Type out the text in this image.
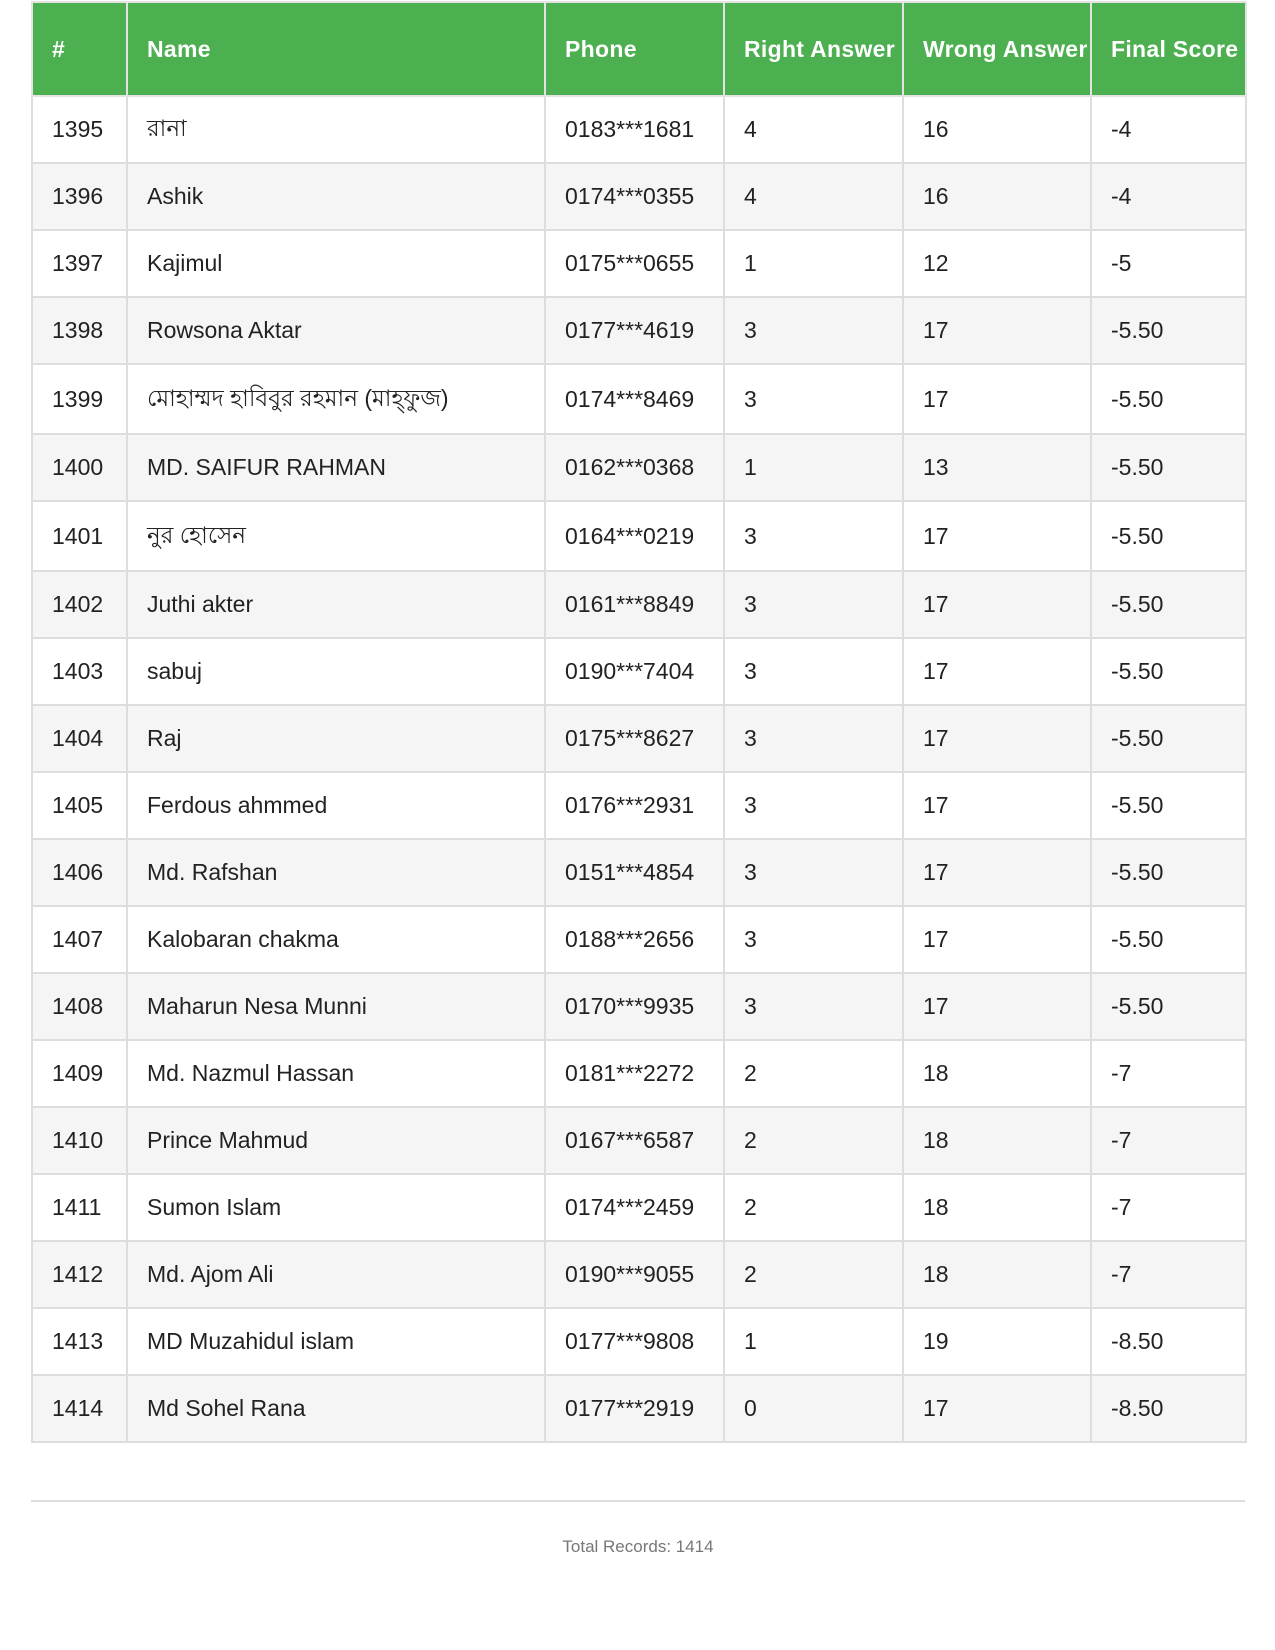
#	Name	Phone	Right Answer	Wrong Answer	Final Score
1395	রানা	0183***1681	4	16	-4
1396	Ashik	0174***0355	4	16	-4
1397	Kajimul	0175***0655	1	12	-5
1398	Rowsona Aktar	0177***4619	3	17	-5.50
1399	মোহাম্মদ হাবিবুর রহমান (মাহ্ফুজ)	0174***8469	3	17	-5.50
1400	MD. SAIFUR RAHMAN	0162***0368	1	13	-5.50
1401	নুর হোসেন	0164***0219	3	17	-5.50
1402	Juthi akter	0161***8849	3	17	-5.50
1403	sabuj	0190***7404	3	17	-5.50
1404	Raj	0175***8627	3	17	-5.50
1405	Ferdous ahmmed	0176***2931	3	17	-5.50
1406	Md. Rafshan	0151***4854	3	17	-5.50
1407	Kalobaran chakma	0188***2656	3	17	-5.50
1408	Maharun Nesa Munni	0170***9935	3	17	-5.50
1409	Md. Nazmul Hassan	0181***2272	2	18	-7
1410	Prince Mahmud	0167***6587	2	18	-7
1411	Sumon Islam	0174***2459	2	18	-7
1412	Md. Ajom Ali	0190***9055	2	18	-7
1413	MD Muzahidul islam	0177***9808	1	19	-8.50
1414	Md Sohel Rana	0177***2919	0	17	-8.50
Total Records: 1414
